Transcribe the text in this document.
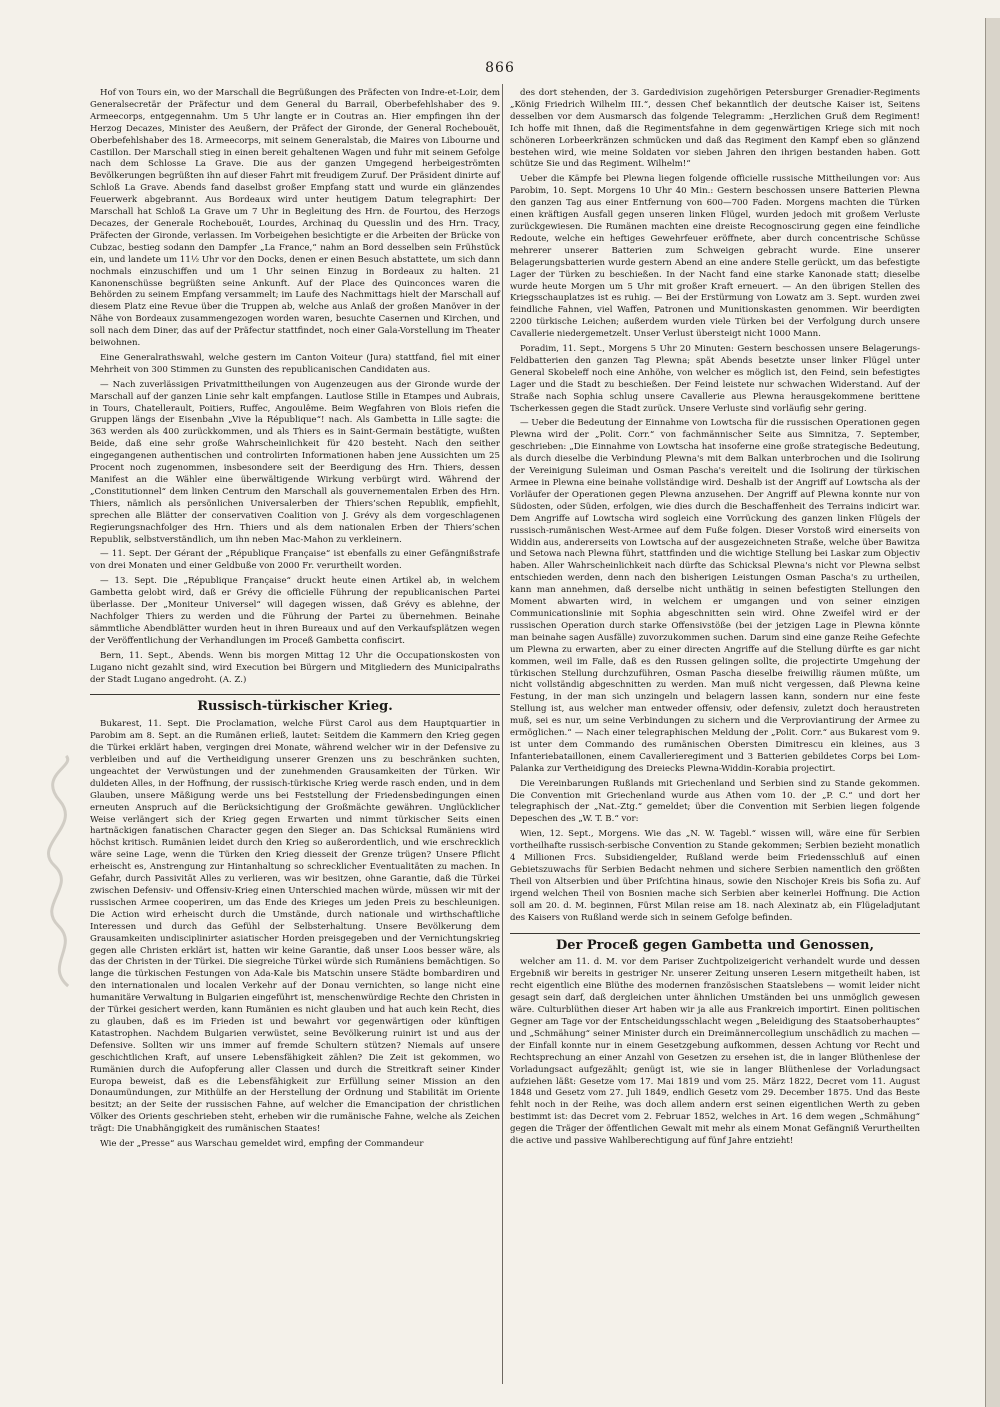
866

Hof von Tours ein, wo der Marschall die Begrüßungen des Präfecten von Indre-et-Loir, dem Generalsecretär der Präfectur und dem General du Barrail, Oberbefehlshaber des 9. Armeecorps, entgegennahm. Um 5 Uhr langte er in Coutras an. Hier empfingen ihn der Herzog Decazes, Minister des Aeußern, der Präfect der Gironde, der General Rochebouët, Oberbefehlshaber des 18. Armeecorps, mit seinem Generalstab, die Maires von Libourne und Castillon. Der Marschall stieg in einen bereit gehaltenen Wagen und fuhr mit seinem Gefolge nach dem Schlosse La Grave. Die aus der ganzen Umgegend herbeigeströmten Bevölkerungen begrüßten ihn auf dieser Fahrt mit freudigem Zuruf. Der Präsident dinirte auf Schloß La Grave. Abends fand daselbst großer Empfang statt und wurde ein glänzendes Feuerwerk abgebrannt. Aus Bordeaux wird unter heutigem Datum telegraphirt: Der Marschall hat Schloß La Grave um 7 Uhr in Begleitung des Hrn. de Fourtou, des Herzogs Decazes, der Generale Rochebouët, Lourdes, Archinaq du Quesslin und des Hrn. Tracy, Präfecten der Gironde, verlassen. Im Vorbeigehen besichtigte er die Arbeiten der Brücke von Cubzac, bestieg sodann den Dampfer „La France,“ nahm an Bord desselben sein Frühstück ein, und landete um 11½ Uhr vor den Docks, denen er einen Besuch abstattete, um sich dann nochmals einzuschiffen und um 1 Uhr seinen Einzug in Bordeaux zu halten. 21 Kanonenschüsse begrüßten seine Ankunft. Auf der Place des Quinconces waren die Behörden zu seinem Empfang versammelt; im Laufe des Nachmittags hielt der Marschall auf diesem Platz eine Revue über die Truppen ab, welche aus Anlaß der großen Manöver in der Nähe von Bordeaux zusammengezogen worden waren, besuchte Casernen und Kirchen, und soll nach dem Diner, das auf der Präfectur stattfindet, noch einer Gala-Vorstellung im Theater beiwohnen.

Eine Generalrathswahl, welche gestern im Canton Voiteur (Jura) stattfand, fiel mit einer Mehrheit von 300 Stimmen zu Gunsten des republicanischen Candidaten aus.

— Nach zuverlässigen Privatmittheilungen von Augenzeugen aus der Gironde wurde der Marschall auf der ganzen Linie sehr kalt empfangen. Lautlose Stille in Etampes und Aubrais, in Tours, Chatellerault, Poitiers, Ruffec, Angoulême. Beim Wegfahren von Blois riefen die Gruppen längs der Eisenbahn „Vive la République“! nach. Als Gambetta in Lille sagte: die 363 werden als 400 zurückkommen, und als Thiers es in Saint-Germain bestätigte, wußten Beide, daß eine sehr große Wahrscheinlichkeit für 420 besteht. Nach den seither eingegangenen authentischen und controlirten Informationen haben jene Aussichten um 25 Procent noch zugenommen, insbesondere seit der Beerdigung des Hrn. Thiers, dessen Manifest an die Wähler eine überwältigende Wirkung verbürgt wird. Während der „Constitutionnel“ dem linken Centrum den Marschall als gouvernementalen Erben des Hrn. Thiers, nämlich als persönlichen Universalerben der Thiers’schen Republik, empfiehlt, sprechen alle Blätter der conservativen Coalition von J. Grévy als dem vorgeschlagenen Regierungsnachfolger des Hrn. Thiers und als dem nationalen Erben der Thiers’schen Republik, selbstverständlich, um ihn neben Mac-Mahon zu verkleinern.

— 11. Sept. Der Gérant der „République Française“ ist ebenfalls zu einer Gefängnißstrafe von drei Monaten und einer Geldbuße von 2000 Fr. verurtheilt worden.

— 13. Sept. Die „République Française“ druckt heute einen Artikel ab, in welchem Gambetta gelobt wird, daß er Grévy die officielle Führung der republicanischen Partei überlasse. Der „Moniteur Universel“ will dagegen wissen, daß Grévy es ablehne, der Nachfolger Thiers zu werden und die Führung der Partei zu übernehmen. Beinahe sämmtliche Abendblätter wurden heut in ihren Bureaux und auf den Verkaufsplätzen wegen der Veröffentlichung der Verhandlungen im Proceß Gambetta confiscirt.

Bern, 11. Sept., Abends. Wenn bis morgen Mittag 12 Uhr die Occupationskosten von Lugano nicht gezahlt sind, wird Execution bei Bürgern und Mitgliedern des Municipalraths der Stadt Lugano angedroht. (A. Z.)

Russisch-türkischer Krieg.

Bukarest, 11. Sept. Die Proclamation, welche Fürst Carol aus dem Hauptquartier in Parobim am 8. Sept. an die Rumänen erließ, lautet: Seitdem die Kammern den Krieg gegen die Türkei erklärt haben, vergingen drei Monate, während welcher wir in der Defensive zu verbleiben und auf die Vertheidigung unserer Grenzen uns zu beschränken suchten, ungeachtet der Verwüstungen und der zunehmenden Grausamkeiten der Türken. Wir duldeten Alles, in der Hoffnung, der russisch-türkische Krieg werde rasch enden, und in dem Glauben, unsere Mäßigung werde uns bei Feststellung der Friedensbedingungen einen erneuten Anspruch auf die Berücksichtigung der Großmächte gewähren. Unglücklicher Weise verlängert sich der Krieg gegen Erwarten und nimmt türkischer Seits einen hartnäckigen fanatischen Character gegen den Sieger an. Das Schicksal Rumäniens wird höchst kritisch. Rumänien leidet durch den Krieg so außerordentlich, und wie erschrecklich wäre seine Lage, wenn die Türken den Krieg diesseit der Grenze trügen? Unsere Pflicht erheischt es, Anstrengung zur Hintanhaltung so schrecklicher Eventualitäten zu machen. In Gefahr, durch Passivität Alles zu verlieren, was wir besitzen, ohne Garantie, daß die Türkei zwischen Defensiv- und Offensiv-Krieg einen Unterschied machen würde, müssen wir mit der russischen Armee cooperiren, um das Ende des Krieges um jeden Preis zu beschleunigen. Die Action wird erheischt durch die Umstände, durch nationale und wirthschaftliche Interessen und durch das Gefühl der Selbsterhaltung. Unsere Bevölkerung dem Grausamkeiten undisciplinirter asiatischer Horden preisgegeben und der Vernichtungskrieg gegen alle Christen erklärt ist, hatten wir keine Garantie, daß unser Loos besser wäre, als das der Christen in der Türkei. Die siegreiche Türkei würde sich Rumäniens bemächtigen. So lange die türkischen Festungen von Ada-Kale bis Matschin unsere Städte bombardiren und den internationalen und localen Verkehr auf der Donau vernichten, so lange nicht eine humanitäre Verwaltung in Bulgarien eingeführt ist, menschenwürdige Rechte den Christen in der Türkei gesichert werden, kann Rumänien es nicht glauben und hat auch kein Recht, dies zu glauben, daß es im Frieden ist und bewahrt vor gegenwärtigen oder künftigen Katastrophen. Nachdem Bulgarien verwüstet, seine Bevölkerung ruinirt ist und aus der Defensive. Sollten wir uns immer auf fremde Schultern stützen? Niemals auf unsere geschichtlichen Kraft, auf unsere Lebensfähigkeit zählen? Die Zeit ist gekommen, wo Rumänien durch die Aufopferung aller Classen und durch die Streitkraft seiner Kinder Europa beweist, daß es die Lebensfähigkeit zur Erfüllung seiner Mission an den Donaumündungen, zur Mithülfe an der Herstellung der Ordnung und Stabilität im Oriente besitzt; an der Seite der russischen Fahne, auf welcher die Emancipation der christlichen Völker des Orients geschrieben steht, erheben wir die rumänische Fahne, welche als Zeichen trägt: Die Unabhängigkeit des rumänischen Staates!

Wie der „Presse“ aus Warschau gemeldet wird, empfing der Commandeur

des dort stehenden, der 3. Gardedivision zugehörigen Petersburger Grenadier-Regiments „König Friedrich Wilhelm III.“, dessen Chef bekanntlich der deutsche Kaiser ist, Seitens desselben vor dem Ausmarsch das folgende Telegramm: „Herzlichen Gruß dem Regiment! Ich hoffe mit Ihnen, daß die Regimentsfahne in dem gegenwärtigen Kriege sich mit noch schöneren Lorbeerkränzen schmücken und daß das Regiment den Kampf eben so glänzend bestehen wird, wie meine Soldaten vor sieben Jahren den ihrigen bestanden haben. Gott schütze Sie und das Regiment. Wilhelm!“

Ueber die Kämpfe bei Plewna liegen folgende officielle russische Mittheilungen vor: Aus Parobim, 10. Sept. Morgens 10 Uhr 40 Min.: Gestern beschossen unsere Batterien Plewna den ganzen Tag aus einer Entfernung von 600—700 Faden. Morgens machten die Türken einen kräftigen Ausfall gegen unseren linken Flügel, wurden jedoch mit großem Verluste zurückgewiesen. Die Rumänen machten eine dreiste Recognoscirung gegen eine feindliche Redoute, welche ein heftiges Gewehrfeuer eröffnete, aber durch concentrische Schüsse mehrerer unserer Batterien zum Schweigen gebracht wurde. Eine unserer Belagerungsbatterien wurde gestern Abend an eine andere Stelle gerückt, um das befestigte Lager der Türken zu beschießen. In der Nacht fand eine starke Kanonade statt; dieselbe wurde heute Morgen um 5 Uhr mit großer Kraft erneuert. — An den übrigen Stellen des Kriegsschauplatzes ist es ruhig. — Bei der Erstürmung von Lowatz am 3. Sept. wurden zwei feindliche Fahnen, viel Waffen, Patronen und Munitionskasten genommen. Wir beerdigten 2200 türkische Leichen; außerdem wurden viele Türken bei der Verfolgung durch unsere Cavallerie niedergemetzelt. Unser Verlust übersteigt nicht 1000 Mann.

Poradim, 11. Sept., Morgens 5 Uhr 20 Minuten: Gestern beschossen unsere Belagerungs-Feldbatterien den ganzen Tag Plewna; spät Abends besetzte unser linker Flügel unter General Skobeleff noch eine Anhöhe, von welcher es möglich ist, den Feind, sein befestigtes Lager und die Stadt zu beschießen. Der Feind leistete nur schwachen Widerstand. Auf der Straße nach Sophia schlug unsere Cavallerie aus Plewna herausgekommene berittene Tscherkessen gegen die Stadt zurück. Unsere Verluste sind vorläufig sehr gering.

— Ueber die Bedeutung der Einnahme von Lowtscha für die russischen Operationen gegen Plewna wird der „Polit. Corr.“ von fachmännischer Seite aus Simnitza, 7. September, geschrieben: „Die Einnahme von Lowtscha hat insoferne eine große strategische Bedeutung, als durch dieselbe die Verbindung Plewna's mit dem Balkan unterbrochen und die Isolirung der Vereinigung Suleiman und Osman Pascha's vereitelt und die Isolirung der türkischen Armee in Plewna eine beinahe vollständige wird. Deshalb ist der Angriff auf Lowtscha als der Vorläufer der Operationen gegen Plewna anzusehen. Der Angriff auf Plewna konnte nur von Südosten, oder Süden, erfolgen, wie dies durch die Beschaffenheit des Terrains indicirt war. Dem Angriffe auf Lowtscha wird sogleich eine Vorrückung des ganzen linken Flügels der russisch-rumänischen West-Armee auf dem Fuße folgen. Dieser Vorstoß wird einerseits von Widdin aus, andererseits von Lowtscha auf der ausgezeichneten Straße, welche über Bawitza und Setowa nach Plewna führt, stattfinden und die wichtige Stellung bei Laskar zum Objectiv haben. Aller Wahrscheinlichkeit nach dürfte das Schicksal Plewna's nicht vor Plewna selbst entschieden werden, denn nach den bisherigen Leistungen Osman Pascha's zu urtheilen, kann man annehmen, daß derselbe nicht unthätig in seinen befestigten Stellungen den Moment abwarten wird, in welchem er umgangen und von seiner einzigen Communicationslinie mit Sophia abgeschnitten sein wird. Ohne Zweifel wird er der russischen Operation durch starke Offensivstöße (bei der jetzigen Lage in Plewna könnte man beinahe sagen Ausfälle) zuvorzukommen suchen. Darum sind eine ganze Reihe Gefechte um Plewna zu erwarten, aber zu einer directen Angriffe auf die Stellung dürfte es gar nicht kommen, weil im Falle, daß es den Russen gelingen sollte, die projectirte Umgehung der türkischen Stellung durchzuführen, Osman Pascha dieselbe freiwillig räumen müßte, um nicht vollständig abgeschnitten zu werden. Man muß nicht vergessen, daß Plewna keine Festung, in der man sich unzingeln und belagern lassen kann, sondern nur eine feste Stellung ist, aus welcher man entweder offensiv, oder defensiv, zuletzt doch heraustreten muß, sei es nur, um seine Verbindungen zu sichern und die Verproviantirung der Armee zu ermöglichen.“ — Nach einer telegraphischen Meldung der „Polit. Corr.“ aus Bukarest vom 9. ist unter dem Commando des rumänischen Obersten Dimitrescu ein kleines, aus 3 Infanteriebataillonen, einem Cavallerieregiment und 3 Batterien gebildetes Corps bei Lom-Palanka zur Vertheidigung des Dreiecks Plewna-Widdin-Korabia projectirt.

Die Vereinbarungen Rußlands mit Griechenland und Serbien sind zu Stande gekommen. Die Convention mit Griechenland wurde aus Athen vom 10. der „P. C.“ und dort her telegraphisch der „Nat.-Ztg.“ gemeldet; über die Convention mit Serbien liegen folgende Depeschen des „W. T. B.“ vor:

Wien, 12. Sept., Morgens. Wie das „N. W. Tagebl.“ wissen will, wäre eine für Serbien vortheilhafte russisch-serbische Convention zu Stande gekommen; Serbien bezieht monatlich 4 Millionen Frcs. Subsidiengelder, Rußland werde beim Friedensschluß auf einen Gebietszuwachs für Serbien Bedacht nehmen und sichere Serbien namentlich den größten Theil von Altserbien und über Priſchtina hinaus, sowie den Nischojer Kreis bis Sofia zu. Auf irgend welchen Theil von Bosnien mache sich Serbien aber keinerlei Hoffnung. Die Action soll am 20. d. M. beginnen, Fürst Milan reise am 18. nach Alexinatz ab, ein Flügeladjutant des Kaisers von Rußland werde sich in seinem Gefolge befinden.

Der Proceß gegen Gambetta und Genossen,

welcher am 11. d. M. vor dem Pariser Zuchtpolizeigericht verhandelt wurde und dessen Ergebniß wir bereits in gestriger Nr. unserer Zeitung unseren Lesern mitgetheilt haben, ist recht eigentlich eine Blüthe des modernen französischen Staatslebens — womit leider nicht gesagt sein darf, daß dergleichen unter ähnlichen Umständen bei uns unmöglich gewesen wäre. Culturblüthen dieser Art haben wir ja alle aus Frankreich importirt. Einen politischen Gegner am Tage vor der Entscheidungsschlacht wegen „Beleidigung des Staatsoberhauptes“ und „Schmähung“ seiner Minister durch ein Dreimännercollegium unschädlich zu machen — der Einfall konnte nur in einem Gesetzgebung aufkommen, dessen Achtung vor Recht und Rechtsprechung an einer Anzahl von Gesetzen zu ersehen ist, die in langer Blüthenlese der Vorladungsact aufgezählt; genügt ist, wie sie in langer Blüthenlese der Vorladungsact aufziehen läßt: Gesetze vom 17. Mai 1819 und vom 25. März 1822, Decret vom 11. August 1848 und Gesetz vom 27. Juli 1849, endlich Gesetz vom 29. December 1875. Und das Beste fehlt noch in der Reihe, was doch allem andern erst seinen eigentlichen Werth zu geben bestimmt ist: das Decret vom 2. Februar 1852, welches in Art. 16 dem wegen „Schmähung“ gegen die Träger der öffentlichen Gewalt mit mehr als einem Monat Gefängniß Verurtheilten die active und passive Wahlberechtigung auf fünf Jahre entzieht!
